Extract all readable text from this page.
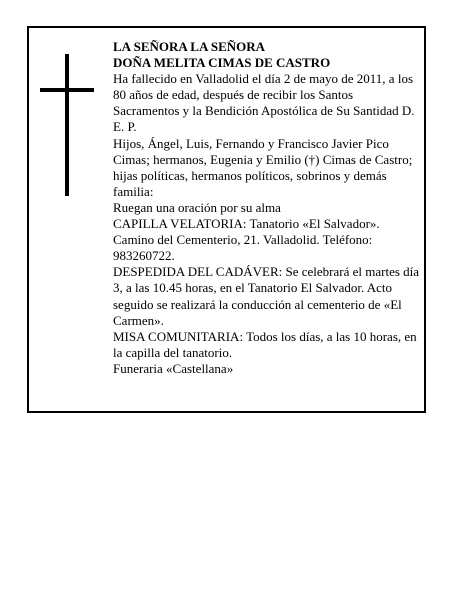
LA SEÑORA LA SEÑORA

DOÑA MELITA CIMAS DE CASTRO

Ha fallecido en Valladolid el día 2 de mayo de 2011, a los 80 años de edad, después de recibir los Santos Sacramentos y la Bendición Apostólica de Su Santidad D. E. P.

Hijos, Ángel, Luis, Fernando y Francisco Javier Pico Cimas; hermanos, Eugenia y Emilio (†) Cimas de Castro; hijas políticas, hermanos políticos, sobrinos y demás familia:

Ruegan una oración por su alma

CAPILLA VELATORIA: Tanatorio «El Salvador». Camino del Cementerio, 21. Valladolid. Teléfono: 983260722.

DESPEDIDA DEL CADÁVER: Se celebrará el martes día 3, a las 10.45 horas, en el Tanatorio El Salvador. Acto seguido se realizará la conducción al cementerio de «El Carmen».

MISA COMUNITARIA: Todos los días, a las 10 horas, en la capilla del tanatorio.

Funeraria «Castellana»
